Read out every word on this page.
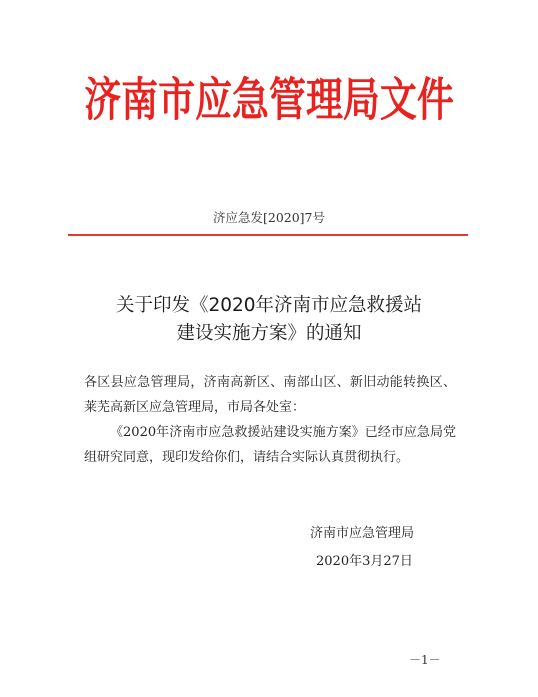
济南市应急管理局文件
济应急发[2020]7号
关于印发《2020年济南市应急救援站
建设实施方案》的通知

各区县应急管理局，济南高新区、南部山区、新旧动能转换区、莱芜高新区应急管理局，市局各处室：

《2020年济南市应急救援站建设实施方案》已经市应急局党组研究同意，现印发给你们，请结合实际认真贯彻执行。

济南市应急管理局
2020年3月27日
－1－
